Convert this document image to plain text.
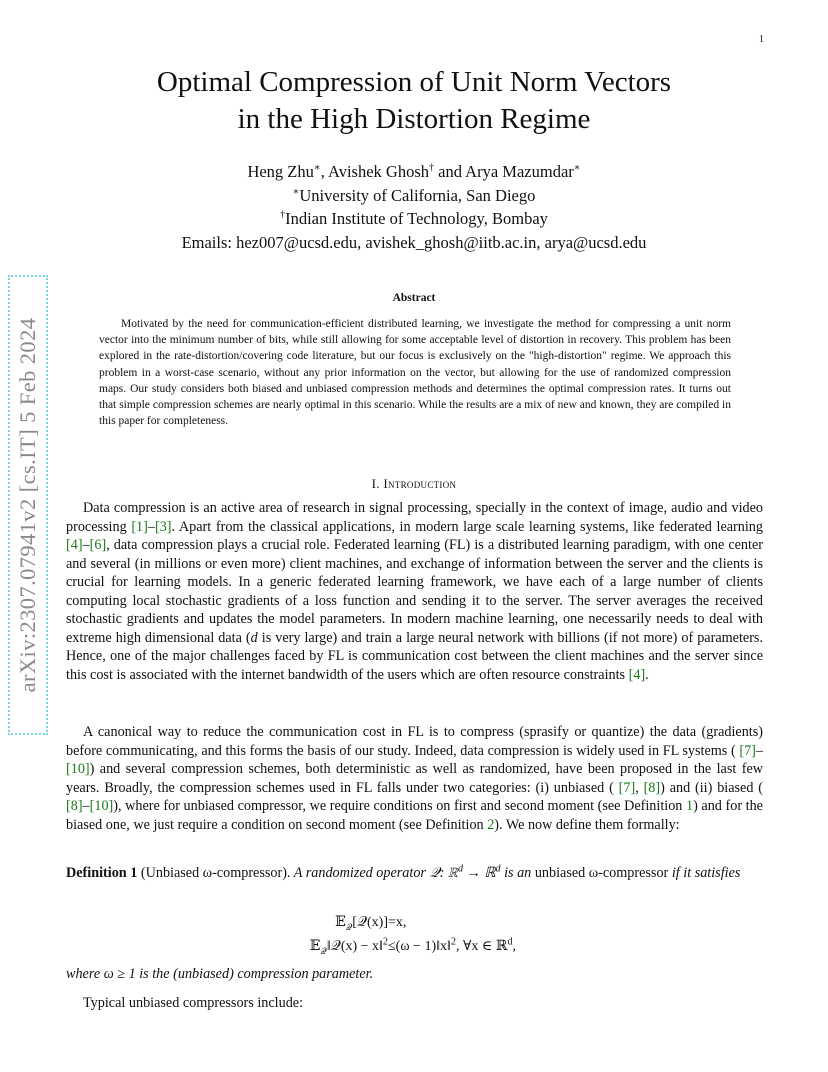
1
arXiv:2307.07941v2 [cs.IT] 5 Feb 2024
Optimal Compression of Unit Norm Vectors
in the High Distortion Regime
Heng Zhu∗, Avishek Ghosh† and Arya Mazumdar∗
∗University of California, San Diego
†Indian Institute of Technology, Bombay
Emails: hez007@ucsd.edu, avishek_ghosh@iitb.ac.in, arya@ucsd.edu
Abstract
Motivated by the need for communication-efficient distributed learning, we investigate the method for compressing a unit norm vector into the minimum number of bits, while still allowing for some acceptable level of distortion in recovery. This problem has been explored in the rate-distortion/covering code literature, but our focus is exclusively on the "high-distortion" regime. We approach this problem in a worst-case scenario, without any prior information on the vector, but allowing for the use of randomized compression maps. Our study considers both biased and unbiased compression methods and determines the optimal compression rates. It turns out that simple compression schemes are nearly optimal in this scenario. While the results are a mix of new and known, they are compiled in this paper for completeness.
I. Introduction

Data compression is an active area of research in signal processing, specially in the context of image, audio and video processing [1]–[3]. Apart from the classical applications, in modern large scale learning systems, like federated learning [4]–[6], data compression plays a crucial role. Federated learning (FL) is a distributed learning paradigm, with one center and several (in millions or even more) client machines, and exchange of information between the server and the clients is crucial for learning models. In a generic federated learning framework, we have each of a large number of clients computing local stochastic gradients of a loss function and sending it to the server. The server averages the received stochastic gradients and updates the model parameters. In modern machine learning, one necessarily needs to deal with extreme high dimensional data (d is very large) and train a large neural network with billions (if not more) of parameters. Hence, one of the major challenges faced by FL is communication cost between the client machines and the server since this cost is associated with the internet bandwidth of the users which are often resource constraints [4].

A canonical way to reduce the communication cost in FL is to compress (sprasify or quantize) the data (gradients) before communicating, and this forms the basis of our study. Indeed, data compression is widely used in FL systems ( [7]–[10]) and several compression schemes, both deterministic as well as randomized, have been proposed in the last few years. Broadly, the compression schemes used in FL falls under two categories: (i) unbiased ( [7], [8]) and (ii) biased ( [8]–[10]), where for unbiased compressor, we require conditions on first and second moment (see Definition 1) and for the biased one, we just require a condition on second moment (see Definition 2). We now define them formally:

Definition 1 (Unbiased ω-compressor). A randomized operator 𝒬: ℝ$^d$ → ℝ$^d$ is an unbiased ω-compressor if it satisfies
𝔼$_𝒬$[𝒬(x)] =x,
𝔼$_𝒬$‖𝒬(x) − x‖$^2$ ≤(ω − 1)‖x‖$^2$, ∀x ∈ ℝ$^d$,
where ω ≥ 1 is the (unbiased) compression parameter.
Typical unbiased compressors include:
